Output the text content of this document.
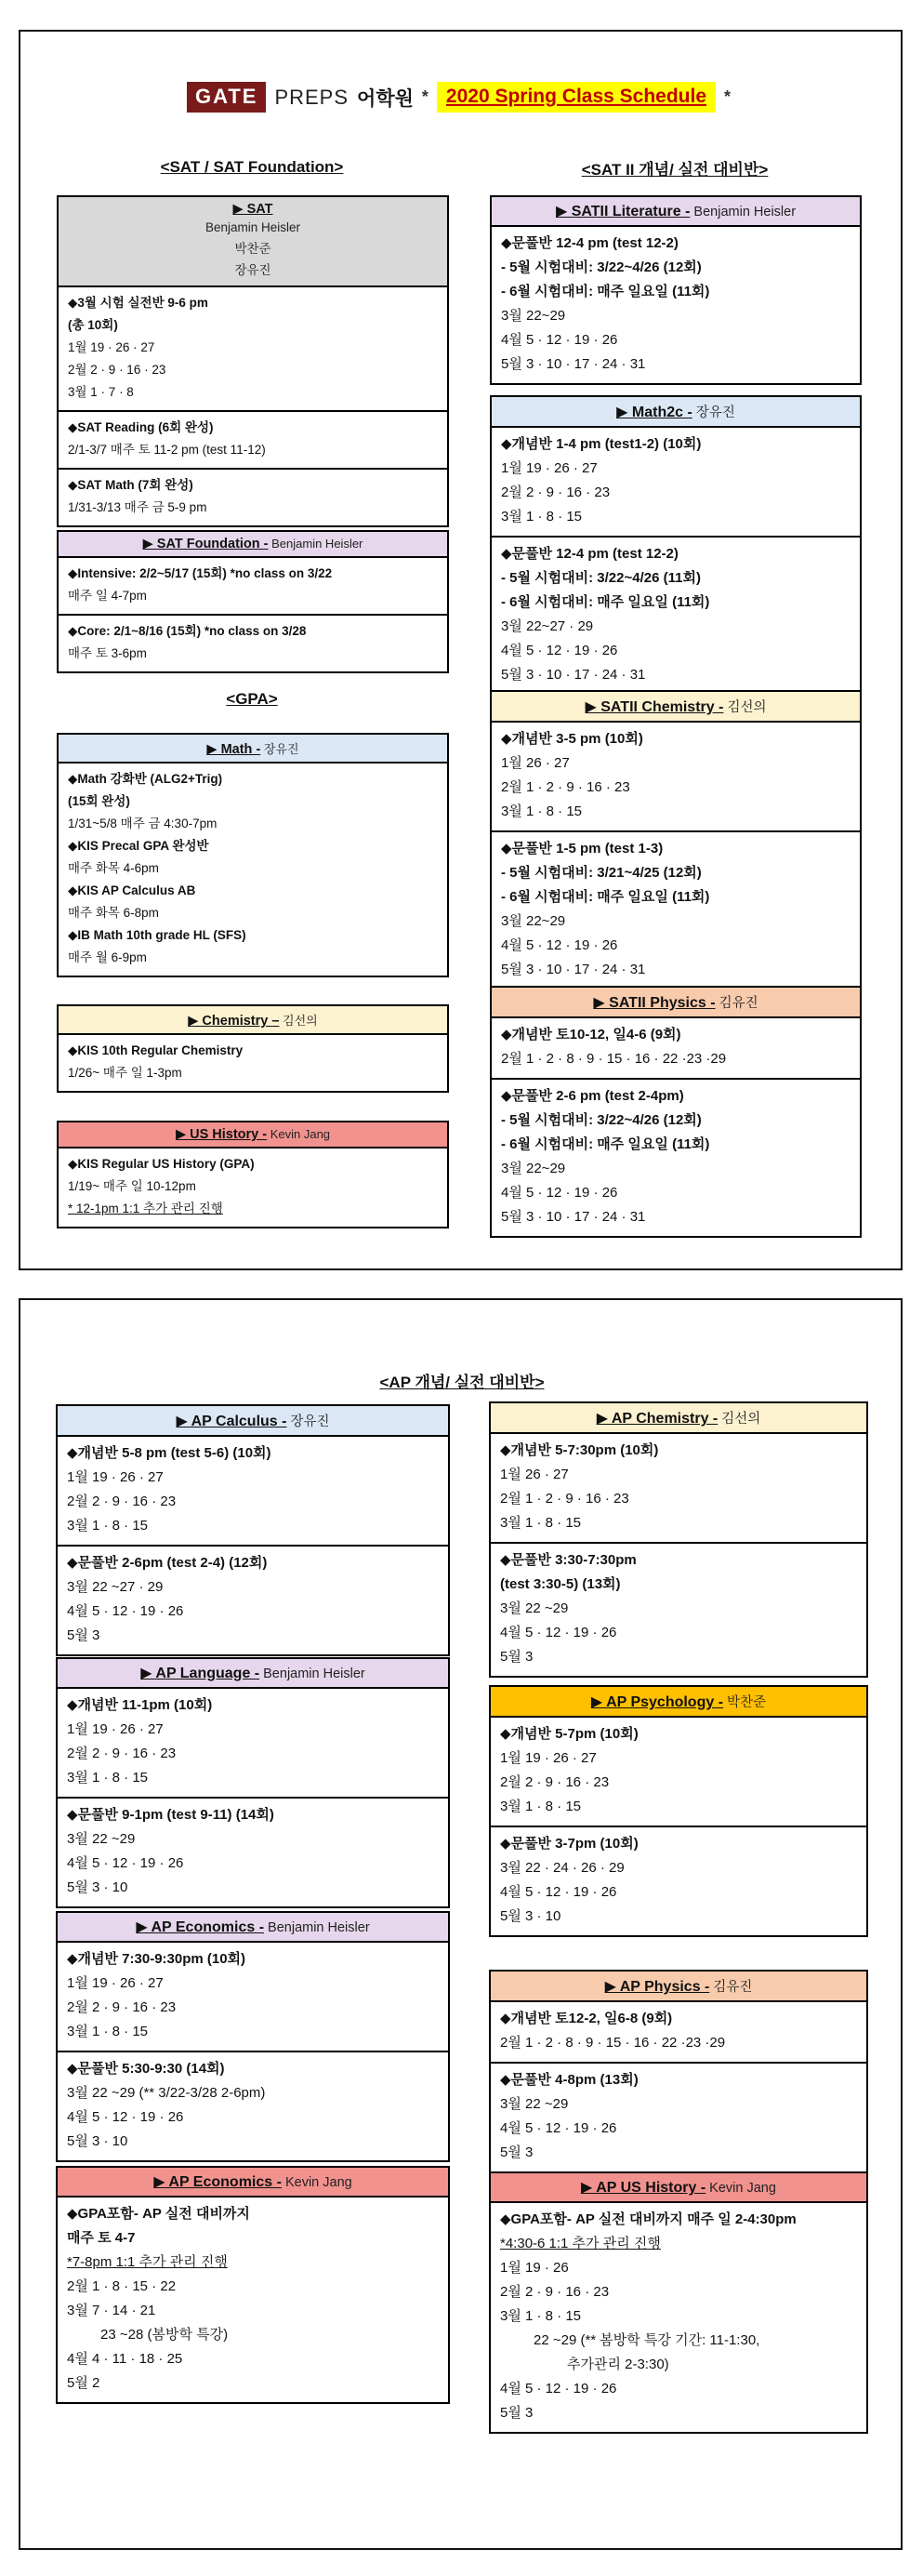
GATE PREPS 어학원 * 2020 Spring Class Schedule	*
<SAT / SAT Foundation>	<SAT II 개념/ 실전 대비반>
<GPA>
<AP 개념/ 실전 대비반>
▶ SAT
Benjamin Heisler
박찬준
장유진
◆3월 시험 실전반 9-6 pm
(총 10회)
1월 19 · 26 · 27
2월 2 · 9 · 16 · 23
3월 1 · 7 · 8
◆SAT Reading (6회 완성)
2/1-3/7 매주 토 11-2 pm (test 11-12)
◆SAT Math (7회 완성)
1/31-3/13 매주 금 5-9 pm
▶ SAT Foundation - Benjamin Heisler
◆Intensive: 2/2~5/17 (15회) *no class on 3/22
매주 일 4-7pm
◆Core: 2/1~8/16 (15회) *no class on 3/28
매주 토 3-6pm
▶ Math - 장유진
◆Math 강화반 (ALG2+Trig)
(15회 완성)
1/31~5/8 매주 금 4:30-7pm
◆KIS Precal GPA 완성반
매주 화목 4-6pm
◆KIS AP Calculus AB
매주 화목 6-8pm
◆IB Math 10th grade HL (SFS)
매주 월 6-9pm
▶ Chemistry – 김선의
◆KIS 10th Regular Chemistry
1/26~ 매주 일 1-3pm
▶ US History - Kevin Jang
◆KIS Regular US History (GPA)
1/19~ 매주 일 10-12pm
* 12-1pm 1:1 추가 관리 진행
▶ SATII Literature - Benjamin Heisler
◆문풀반 12-4 pm (test 12-2)
- 5월 시험대비: 3/22~4/26 (12회)
- 6월 시험대비: 매주 일요일 (11회)
3월 22~29
4월 5 · 12 · 19 · 26
5월 3 · 10 · 17 · 24 · 31
▶ Math2c - 장유진
◆개념반 1-4 pm (test1-2) (10회)
1월 19 · 26 · 27
2월 2 · 9 · 16 · 23
3월 1 · 8 · 15
◆문풀반 12-4 pm (test 12-2)
- 5월 시험대비: 3/22~4/26 (11회)
- 6월 시험대비: 매주 일요일 (11회)
3월 22~27 · 29
4월 5 · 12 · 19 · 26
5월 3 · 10 · 17 · 24 · 31
▶ SATII Chemistry - 김선의
◆개념반 3-5 pm (10회)
1월 26 · 27
2월 1 · 2 · 9 · 16 · 23
3월 1 · 8 · 15
◆문풀반 1-5 pm (test 1-3)
- 5월 시험대비: 3/21~4/25 (12회)
- 6월 시험대비: 매주 일요일 (11회)
3월 22~29
4월 5 · 12 · 19 · 26
5월 3 · 10 · 17 · 24 · 31
▶ SATII Physics - 김유진
◆개념반 토10-12, 일4-6 (9회)
2월 1 · 2 · 8 · 9 · 15 · 16 · 22 ·23 ·29
◆문풀반 2-6 pm (test 2-4pm)
- 5월 시험대비: 3/22~4/26 (12회)
- 6월 시험대비: 매주 일요일 (11회)
3월 22~29
4월 5 · 12 · 19 · 26
5월 3 · 10 · 17 · 24 · 31
▶ AP Calculus - 장유진
◆개념반 5-8 pm (test 5-6) (10회)
1월 19 · 26 · 27
2월 2 · 9 · 16 · 23
3월 1 · 8 · 15
◆문풀반 2-6pm (test 2-4) (12회)
3월 22 ~27 · 29
4월 5 · 12 · 19 · 26
5월 3
▶ AP Language - Benjamin Heisler
◆개념반 11-1pm (10회)
1월 19 · 26 · 27
2월 2 · 9 · 16 · 23
3월 1 · 8 · 15
◆문풀반 9-1pm (test 9-11) (14회)
3월 22 ~29
4월 5 · 12 · 19 · 26
5월 3 · 10
▶ AP Economics - Benjamin Heisler
◆개념반 7:30-9:30pm (10회)
1월 19 · 26 · 27
2월 2 · 9 · 16 · 23
3월 1 · 8 · 15
◆문풀반 5:30-9:30 (14회)
3월 22 ~29 (** 3/22-3/28 2-6pm)
4월 5 · 12 · 19 · 26
5월 3 · 10
▶ AP Economics - Kevin Jang
◆GPA포함- AP 실전 대비까지
매주 토 4-7
*7-8pm 1:1 추가 관리 진행
2월 1 · 8 · 15 · 22
3월 7 · 14 · 21
23 ~28 (봄방학 특강)
4월 4 · 11 · 18 · 25
5월 2
▶ AP Chemistry - 김선의
◆개념반 5-7:30pm (10회)
1월 26 · 27
2월 1 · 2 · 9 · 16 · 23
3월 1 · 8 · 15
◆문풀반 3:30-7:30pm
(test 3:30-5) (13회)
3월 22 ~29
4월 5 · 12 · 19 · 26
5월 3
▶ AP Psychology - 박찬준
◆개념반 5-7pm (10회)
1월 19 · 26 · 27
2월 2 · 9 · 16 · 23
3월 1 · 8 · 15
◆문풀반 3-7pm (10회)
3월 22 · 24 · 26 · 29
4월 5 · 12 · 19 · 26
5월 3 · 10
▶ AP Physics - 김유진
◆개념반 토12-2, 일6-8 (9회)
2월 1 · 2 · 8 · 9 · 15 · 16 · 22 ·23 ·29
◆문풀반 4-8pm (13회)
3월 22 ~29
4월 5 · 12 · 19 · 26
5월 3
▶ AP US History - Kevin Jang
◆GPA포함- AP 실전 대비까지 매주 일 2-4:30pm
*4:30-6 1:1 추가 관리 진행
1월 19 · 26
2월 2 · 9 · 16 · 23
3월 1 · 8 · 15
22 ~29 (** 봄방학 특강 기간: 11-1:30,
추가관리 2-3:30)
4월 5 · 12 · 19 · 26
5월 3
